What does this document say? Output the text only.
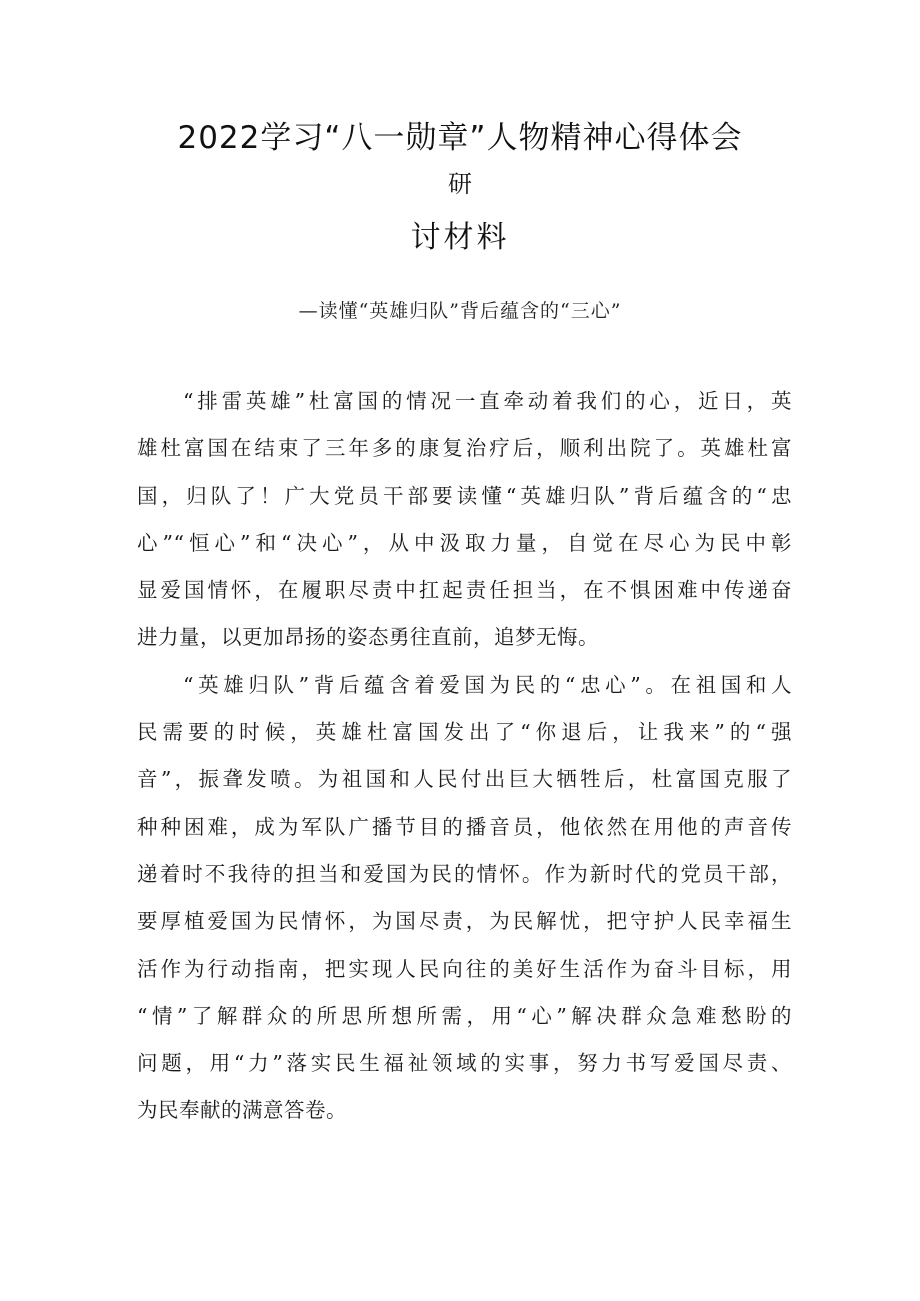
2022学习“八一勋章”人物精神心得体会
研
讨材料
—读懂“英雄归队”背后蕴含的“三心”
“排雷英雄”杜富国的情况一直牵动着我们的心，近日，英
雄杜富国在结束了三年多的康复治疗后，顺利出院了。英雄杜富
国，归队了！广大党员干部要读懂“英雄归队”背后蕴含的“忠
心”“恒心”和“决心”，从中汲取力量，自觉在尽心为民中彰
显爱国情怀，在履职尽责中扛起责任担当，在不惧困难中传递奋
进力量，以更加昂扬的姿态勇往直前，追梦无悔。
“英雄归队”背后蕴含着爱国为民的“忠心”。在祖国和人
民需要的时候，英雄杜富国发出了“你退后，让我来”的“强
音”，振聋发喷。为祖国和人民付出巨大牺牲后，杜富国克服了
种种困难，成为军队广播节目的播音员，他依然在用他的声音传
递着时不我待的担当和爱国为民的情怀。作为新时代的党员干部，
要厚植爱国为民情怀，为国尽责，为民解忧，把守护人民幸福生
活作为行动指南，把实现人民向往的美好生活作为奋斗目标，用
“情”了解群众的所思所想所需，用“心”解决群众急难愁盼的
问题，用“力”落实民生福祉领域的实事，努力书写爱国尽责、
为民奉献的满意答卷。
